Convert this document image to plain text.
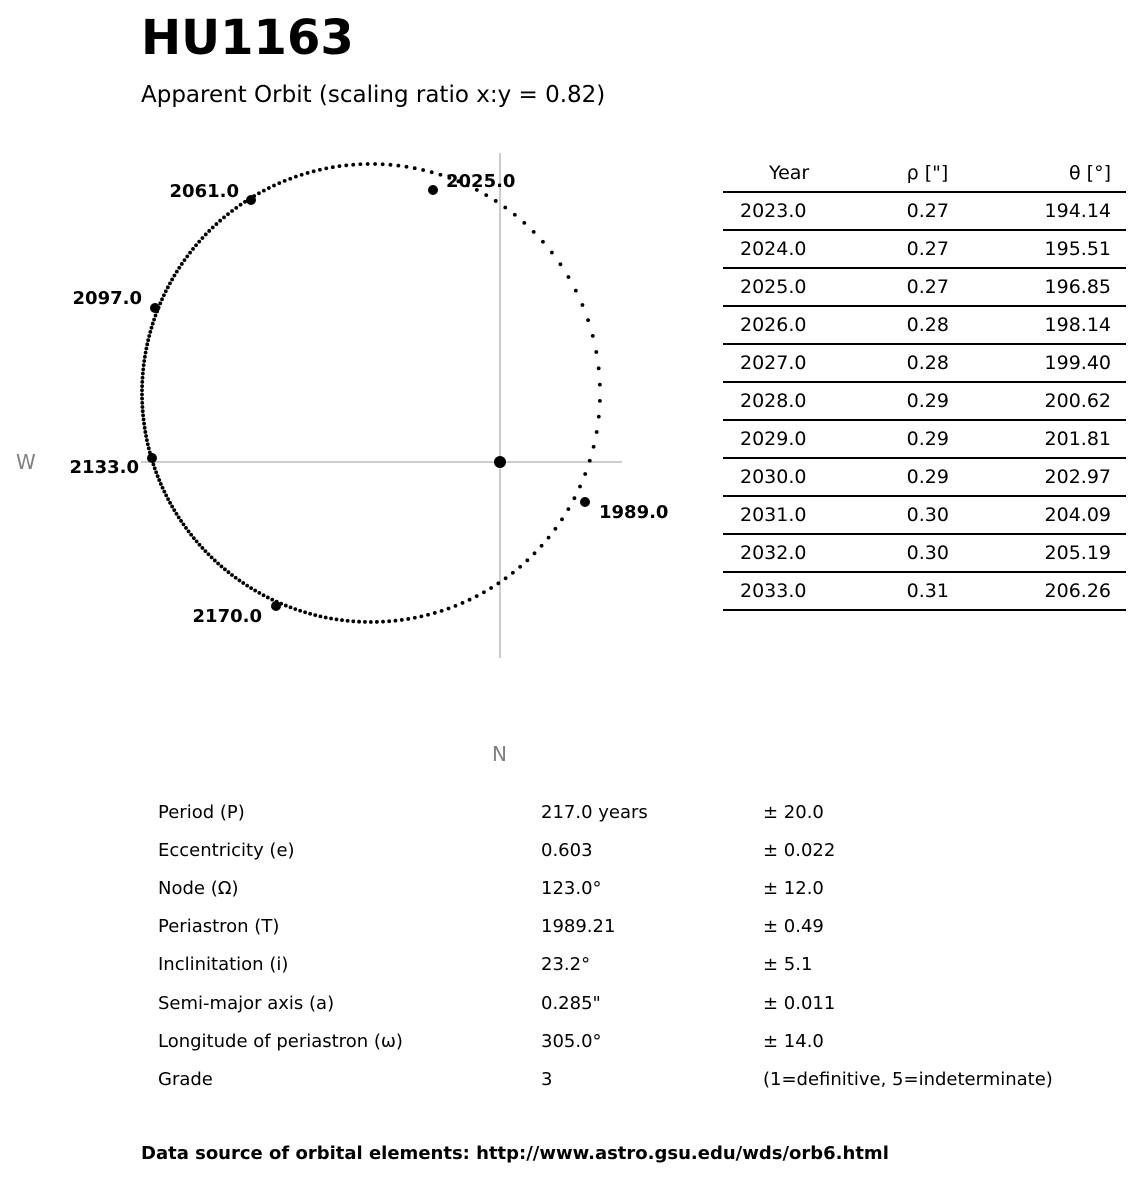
HU1163
Apparent Orbit (scaling ratio x:y = 0.82)
1989.0
2025.0
2061.0
2097.0
2133.0
2170.0
W
N
Year	ρ ["]	θ [°]
2023.0	0.27	194.14
2024.0	0.27	195.51
2025.0	0.27	196.85
2026.0	0.28	198.14
2027.0	0.28	199.40
2028.0	0.29	200.62
2029.0	0.29	201.81
2030.0	0.29	202.97
2031.0	0.30	204.09
2032.0	0.30	205.19
2033.0	0.31	206.26
Period (P)	217.0 years	± 20.0
Eccentricity (e)	0.603	± 0.022
Node (Ω)	123.0°	± 12.0
Periastron (T)	1989.21	± 0.49
Inclinitation (i)	23.2°	± 5.1
Semi-major axis (a)	0.285"	± 0.011
Longitude of periastron (ω)	305.0°	± 14.0
Grade	3	(1=definitive, 5=indeterminate)
Data source of orbital elements: http://www.astro.gsu.edu/wds/orb6.html
